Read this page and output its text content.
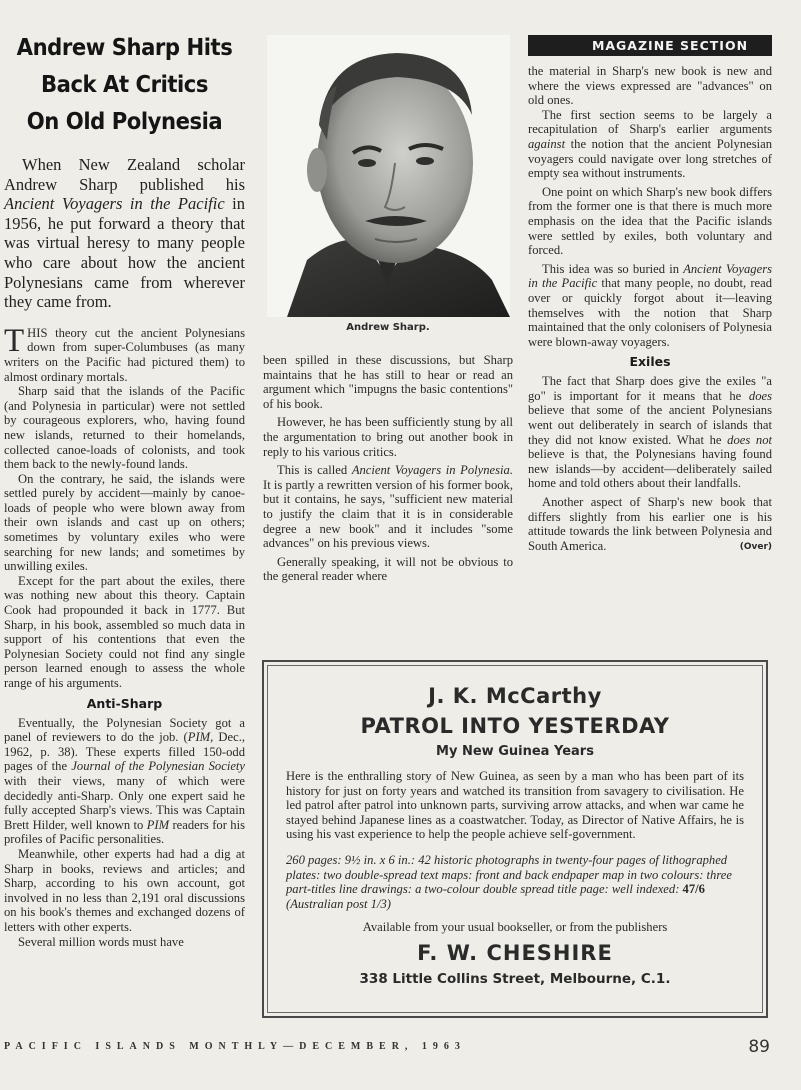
Andrew Sharp Hits
Back At Critics
On Old Polynesia

When New Zealand scholar Andrew Sharp published his Ancient Voyagers in the Pacific in 1956, he put forward a theory that was virtual heresy to many people who care about how the ancient Polynesians came from wherever they came from.

THIS theory cut the ancient Polynesians down from super-Columbuses (as many writers on the Pacific had pictured them) to almost ordinary mortals.

Sharp said that the islands of the Pacific (and Polynesia in particular) were not settled by courageous explorers, who, having found new islands, returned to their homelands, collected canoe-loads of colonists, and took them back to the newly-found lands.

On the contrary, he said, the islands were settled purely by accident—mainly by canoe-loads of people who were blown away from their own islands and cast up on others; sometimes by voluntary exiles who were searching for new lands; and sometimes by unwilling exiles.

Except for the part about the exiles, there was nothing new about this theory. Captain Cook had propounded it back in 1777. But Sharp, in his book, assembled so much data in support of his contentions that even the Polynesian Society could not find any single person learned enough to assess the whole range of his arguments.

Anti-Sharp

Eventually, the Polynesian Society got a panel of reviewers to do the job. (PIM, Dec., 1962, p. 38). These experts filled 150-odd pages of the Journal of the Polynesian Society with their views, many of which were decidedly anti-Sharp. Only one expert said he fully accepted Sharp's views. This was Captain Brett Hilder, well known to PIM readers for his profiles of Pacific personalities.

Meanwhile, other experts had had a dig at Sharp in books, reviews and articles; and Sharp, according to his own account, got involved in no less than 2,191 oral discussions on his book's themes and exchanged dozens of letters with other experts.

Several million words must have

Andrew Sharp.

been spilled in these discussions, but Sharp maintains that he has still to hear or read an argument which "impugns the basic contentions" of his book.

However, he has been sufficiently stung by all the argumentation to bring out another book in reply to his various critics.

This is called Ancient Voyagers in Polynesia. It is partly a rewritten version of his former book, but it contains, he says, "sufficient new material to justify the claim that it is in considerable degree a new book" and it includes "some advances" on his previous views.

Generally speaking, it will not be obvious to the general reader where

MAGAZINE SECTION

the material in Sharp's new book is new and where the views expressed are "advances" on old ones.

The first section seems to be largely a recapitulation of Sharp's earlier arguments against the notion that the ancient Polynesian voyagers could navigate over long stretches of empty sea without instruments.

One point on which Sharp's new book differs from the former one is that there is much more emphasis on the idea that the Pacific islands were settled by exiles, both voluntary and forced.

This idea was so buried in Ancient Voyagers in the Pacific that many people, no doubt, read over or quickly forgot about it—leaving themselves with the notion that Sharp maintained that the only colonisers of Polynesia were blown-away voyagers.

Exiles

The fact that Sharp does give the exiles "a go" is important for it means that he does believe that some of the ancient Polynesians went out deliberately in search of islands that they did not know existed. What he does not believe is that, the Polynesians having found new islands—by accident—deliberately sailed home and told others about their landfalls.

Another aspect of Sharp's new book that differs slightly from his earlier one is his attitude towards the link between Polynesia and South America.	(Over)

J. K. McCarthy
PATROL INTO YESTERDAY
My New Guinea Years

Here is the enthralling story of New Guinea, as seen by a man who has been part of its history for just on forty years and watched its transition from savagery to civilisation. He led patrol after patrol into unknown parts, surviving arrow attacks, and when war came he stayed behind Japanese lines as a coastwatcher. Today, as Director of Native Affairs, he is using his vast experience to help the people achieve self-government.

260 pages: 9½ in. x 6 in.: 42 historic photographs in twenty-four pages of lithographed plates: two double-spread text maps: front and back endpaper map in two colours: three part-titles line drawings: a two-colour double spread title page: well indexed: 47/6 (Australian post 1/3)

Available from your usual bookseller, or from the publishers
F. W. CHESHIRE
338 Little Collins Street, Melbourne, C.1.
PACIFIC ISLANDS MONTHLY—DECEMBER, 1963	89
